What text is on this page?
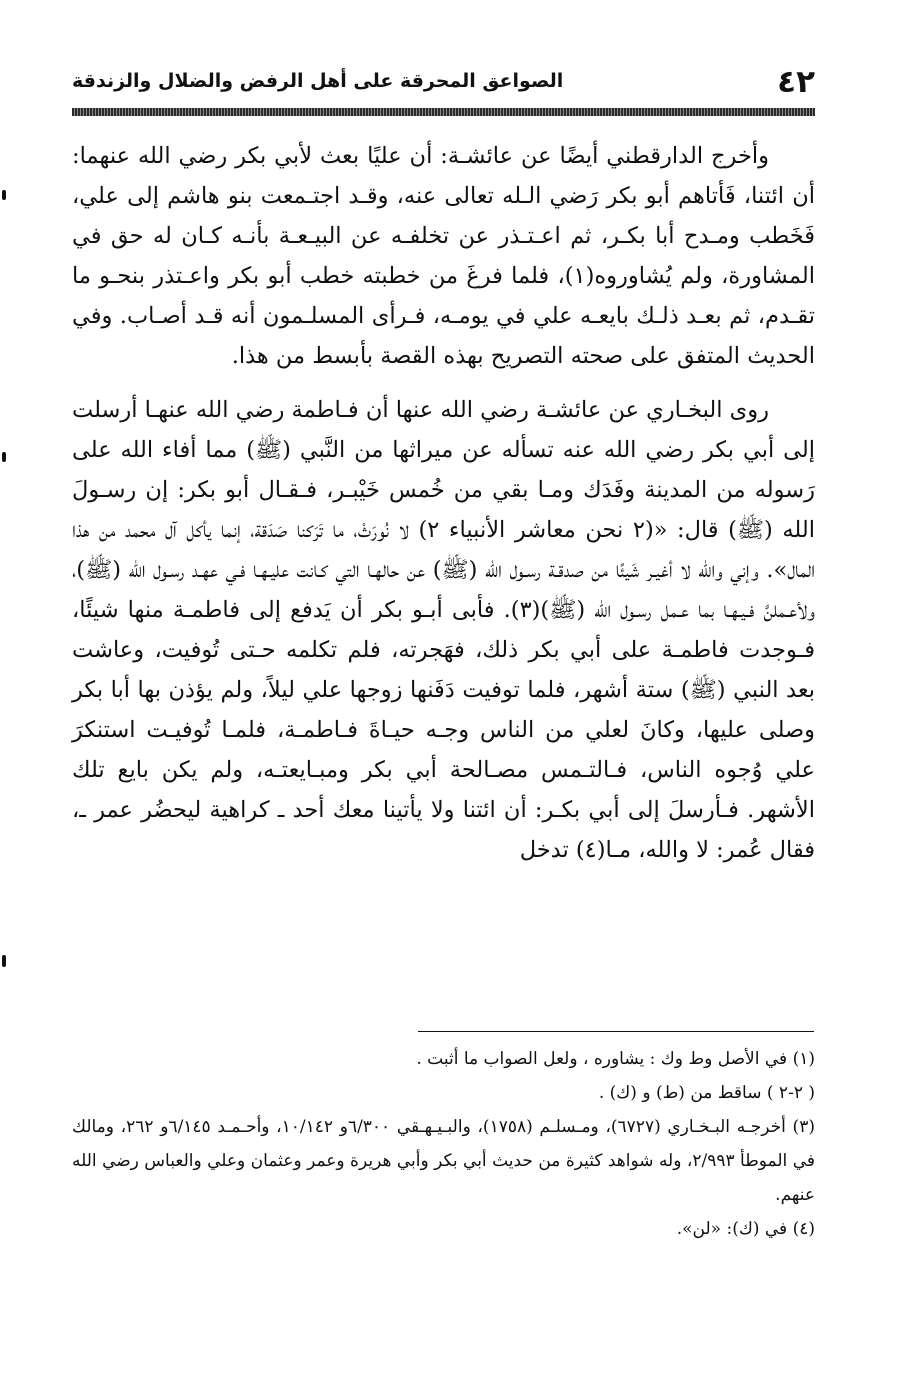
٤٢
الصواعق المحرقة على أهل الرفض والضلال والزندقة

وأخرج الدارقطني أيضًا عن عائشـة: أن عليًا بعث لأبي بكر رضي الله عنهما: أن ائتنا، فَأتاهم أبو بكر رَضي الـله تعالى عنه، وقـد اجتـمعت بنو هاشم إلى علي، فَخَطب ومـدح أبا بكـر، ثم اعـتـذر عن تخلفـه عن البيـعـة بأنـه كـان له حق في المشاورة، ولم يُشاوروه(١)، فلما فرغَ من خطبته خطب أبو بكر واعـتذر بنحـو ما تقـدم، ثم بعـد ذلـك بايعـه علي في يومـه، فـرأى المسلـمون أنه قـد أصـاب. وفي الحديث المتفق على صحته التصريح بهذه القصة بأبسط من هذا.

روى البخـاري عن عائشـة رضي الله عنها أن فـاطمة رضي الله عنهـا أرسلت إلى أبي بكر رضي الله عنه تسأله عن ميراثها من النَّبي (ﷺ) مما أفاء الله على رَسوله من المدينة وفَدَك ومـا بقي من خُمس خَيْبـر، فـقـال أبو بكر: إن رسـولَ الله (ﷺ) قال: «(٢ نحن معاشر الأنبياء ٢) لا نُورَثْ، ما تَرَكنا صَدَقة، إنما يأكل آل محمد من هذا المال». وإني والله لا أغيـر شَيئًا من صدقـة رسـول الله (ﷺ) عن حالهـا التي كـانت عليـهـا فـي عهـد رسـول الله (ﷺ)، ولأعـملنَّ فـيـهـا بما عـمل رسـول الله (ﷺ)(٣). فأبى أبـو بكر أن يَدفع إلى فاطمـة منها شيئًا، فـوجدت فاطمـة على أبي بكر ذلك، فهَجرته، فلم تكلمه حـتى تُوفيت، وعاشت بعد النبي (ﷺ) ستة أشهر، فلما توفيت دَفَنها زوجها علي ليلاً، ولم يؤذن بها أبا بكر وصلى عليها، وكانَ لعلي من الناس وجـه حيـاةَ فـاطمـة، فلمـا تُوفيـت استنكرَ علي وُجوه الناس، فـالتـمس مصـالحة أبي بكر ومبـايعتـه، ولم يكن بايع تلك الأشهر. فـأرسلَ إلى أبي بكـر: أن ائتنا ولا يأتينا معك أحد ـ كراهية ليحضُر عمر ـ، فقال عُمر: لا والله، مـا(٤) تدخل

(١) في الأصل وط وك : يشاوره ، ولعل الصواب ما أثبت .

( ٢-٢ ) ساقط من (ط) و (ك) .

(٣) أخرجـه البـخـاري (٦٧٢٧)، ومـسلـم (١٧٥٨)، والبـيـهـقي ٦/٣٠٠و ١٠/١٤٢، وأحـمـد ٦/١٤٥و ٢٦٢، ومالك في الموطأ ٢/٩٩٣، وله شواهد كثيرة من حديث أبي بكر وأبي هريرة وعمر وعثمان وعلي والعباس رضي الله عنهم.

(٤) في (ك): «لن».
